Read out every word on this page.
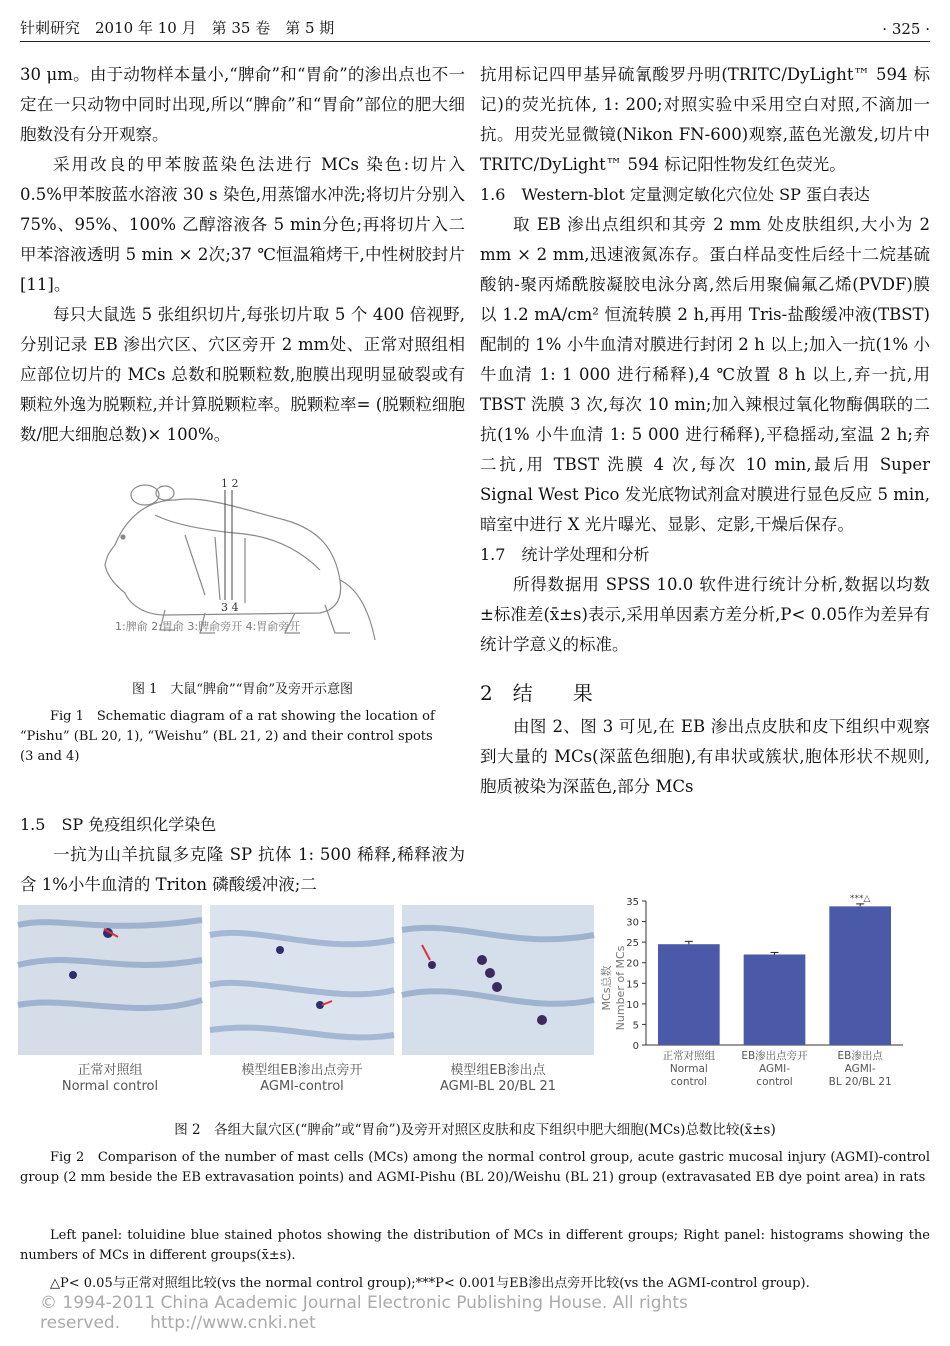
针刺研究　2010 年 10 月　第 35 卷　第 5 期	· 325 ·

30 μm。由于动物样本量小,“脾俞”和“胃俞”的渗出点也不一定在一只动物中同时出现,所以“脾俞”和“胃俞”部位的肥大细胞数没有分开观察。

采用改良的甲苯胺蓝染色法进行 MCs 染色:切片入 0.5%甲苯胺蓝水溶液 30 s 染色,用蒸馏水冲洗;将切片分别入 75%、95%、100% 乙醇溶液各 5 min分色;再将切片入二甲苯溶液透明 5 min × 2次;37 ℃恒温箱烤干,中性树胶封片[11]。

每只大鼠选 5 张组织切片,每张切片取 5 个 400 倍视野,分别记录 EB 渗出穴区、穴区旁开 2 mm处、正常对照组相应部位切片的 MCs 总数和脱颗粒数,胞膜出现明显破裂或有颗粒外逸为脱颗粒,并计算脱颗粒率。脱颗粒率= (脱颗粒细胞数/肥大细胞总数)× 100%。

1 2
3 4
1:脾俞 2:胃俞 3:脾俞旁开 4:胃俞旁开
图 1　大鼠“脾俞”“胃俞”及旁开示意图
Fig 1　Schematic diagram of a rat showing the location of “Pishu” (BL 20, 1), “Weishu” (BL 21, 2) and their control spots (3 and 4)

1.5　SP 免疫组织化学染色

一抗为山羊抗鼠多克隆 SP 抗体 1: 500 稀释,稀释液为含 1%小牛血清的 Triton 磷酸缓冲液;二

抗用标记四甲基异硫氰酸罗丹明(TRITC/DyLight™ 594 标记)的荧光抗体, 1: 200;对照实验中采用空白对照,不滴加一抗。用荧光显微镜(Nikon FN-600)观察,蓝色光激发,切片中 TRITC/DyLight™ 594 标记阳性物发红色荧光。

1.6　Western-blot 定量测定敏化穴位处 SP 蛋白表达

取 EB 渗出点组织和其旁 2 mm 处皮肤组织,大小为 2 mm × 2 mm,迅速液氮冻存。蛋白样品变性后经十二烷基硫酸钠-聚丙烯酰胺凝胶电泳分离,然后用聚偏氟乙烯(PVDF)膜以 1.2 mA/cm² 恒流转膜 2 h,再用 Tris-盐酸缓冲液(TBST)配制的 1% 小牛血清对膜进行封闭 2 h 以上;加入一抗(1% 小牛血清 1: 1 000 进行稀释),4 ℃放置 8 h 以上,弃一抗,用 TBST 洗膜 3 次,每次 10 min;加入辣根过氧化物酶偶联的二抗(1% 小牛血清 1: 5 000 进行稀释),平稳摇动,室温 2 h;弃二抗,用 TBST 洗膜 4 次,每次 10 min,最后用 Super Signal West Pico 发光底物试剂盒对膜进行显色反应 5 min,暗室中进行 X 光片曝光、显影、定影,干燥后保存。

1.7　统计学处理和分析

所得数据用 SPSS 10.0 软件进行统计分析,数据以均数±标准差(x̄±s)表示,采用单因素方差分析,P< 0.05作为差异有统计学意义的标准。

2　结　　果

由图 2、图 3 可见,在 EB 渗出点皮肤和皮下组织中观察到大量的 MCs(深蓝色细胞),有串状或簇状,胞体形状不规则,胞质被染为深蓝色,部分 MCs

正常对照组
Normal control
模型组EB渗出点旁开
AGMI-control
模型组EB渗出点
AGMI-BL 20/BL 21
0
5
10
15
20
25
30
35
正常对照组
Normal
control
EB渗出点旁开
AGMI-
control
***△
EB渗出点
AGMI-
BL 20/BL 21
MCs总数 Number of MCs
图 2　各组大鼠穴区(“脾俞”或“胃俞”)及旁开对照区皮肤和皮下组织中肥大细胞(MCs)总数比较(x̄±s)
Fig 2　Comparison of the number of mast cells (MCs) among the normal control group, acute gastric mucosal injury (AGMI)-control group (2 mm beside the EB extravasation points) and AGMI-Pishu (BL 20)/Weishu (BL 21) group (extravasated EB dye point area) in rats
Left panel: toluidine blue stained photos showing the distribution of MCs in different groups; Right panel: histograms showing the numbers of MCs in different groups(x̄±s).
△P< 0.05与正常对照组比较(vs the normal control group);***P< 0.001与EB渗出点旁开比较(vs the AGMI-control group).
© 1994-2011 China Academic Journal Electronic Publishing House. All rights reserved. http://www.cnki.net
